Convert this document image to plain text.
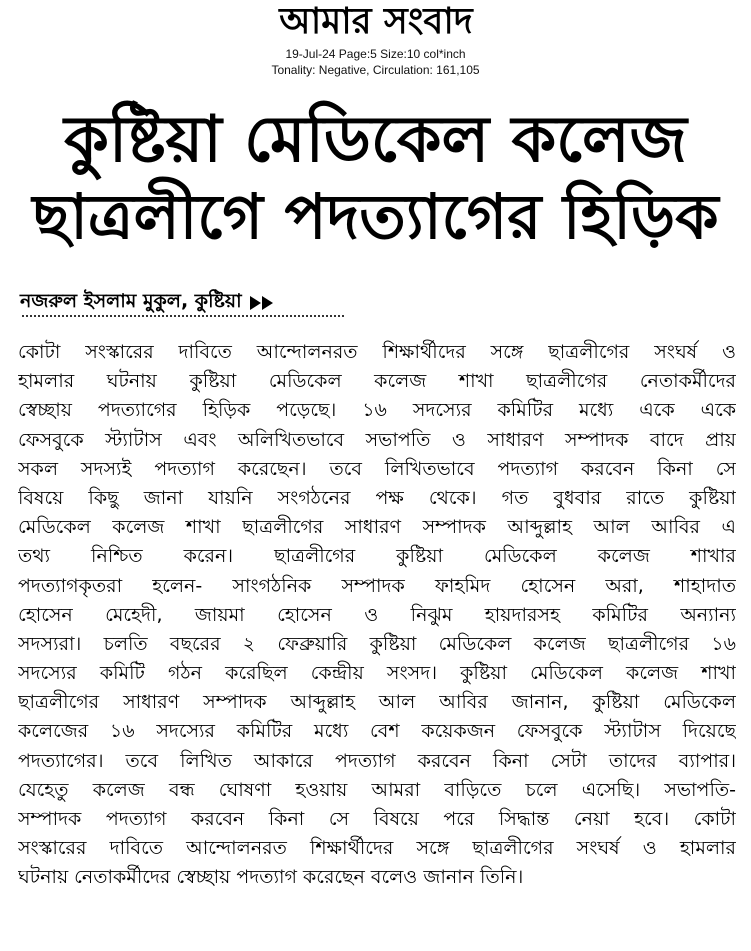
আমার সংবাদ
19-Jul-24 Page:5 Size:10 col*inch
Tonality: Negative, Circulation: 161,105
কুষ্টিয়া মেডিকেল কলেজ
ছাত্রলীগে পদত্যাগের হিড়িক
নজরুল ইসলাম মুকুল, কুষ্টিয়া
কোটা সংস্কারের দাবিতে আন্দোলনরত শিক্ষার্থীদের সঙ্গে ছাত্রলীগের সংঘর্ষ ও
হামলার ঘটনায় কুষ্টিয়া মেডিকেল কলেজ শাখা ছাত্রলীগের নেতাকর্মীদের
স্বেচ্ছায় পদত্যাগের হিড়িক পড়েছে। ১৬ সদস্যের কমিটির মধ্যে একে একে
ফেসবুকে স্ট্যাটাস এবং অলিখিতভাবে সভাপতি ও সাধারণ সম্পাদক বাদে প্রায়
সকল সদস্যই পদত্যাগ করেছেন। তবে লিখিতভাবে পদত্যাগ করবেন কিনা সে
বিষয়ে কিছু জানা যায়নি সংগঠনের পক্ষ থেকে। গত বুধবার রাতে কুষ্টিয়া
মেডিকেল কলেজ শাখা ছাত্রলীগের সাধারণ সম্পাদক আব্দুল্লাহ আল আবির এ
তথ্য নিশ্চিত করেন। ছাত্রলীগের কুষ্টিয়া মেডিকেল কলেজ শাখার
পদত্যাগকৃতরা হলেন- সাংগঠনিক সম্পাদক ফাহমিদ হোসেন অরা, শাহাদাত
হোসেন মেহেদী, জায়মা হোসেন ও নিঝুম হায়দারসহ কমিটির অন্যান্য
সদস্যরা। চলতি বছরের ২ ফেব্রুয়ারি কুষ্টিয়া মেডিকেল কলেজ ছাত্রলীগের ১৬
সদস্যের কমিটি গঠন করেছিল কেন্দ্রীয় সংসদ। কুষ্টিয়া মেডিকেল কলেজ শাখা
ছাত্রলীগের সাধারণ সম্পাদক আব্দুল্লাহ আল আবির জানান, কুষ্টিয়া মেডিকেল
কলেজের ১৬ সদস্যের কমিটির মধ্যে বেশ কয়েকজন ফেসবুকে স্ট্যাটাস দিয়েছে
পদত্যাগের। তবে লিখিত আকারে পদত্যাগ করবেন কিনা সেটা তাদের ব্যাপার।
যেহেতু কলেজ বন্ধ ঘোষণা হওয়ায় আমরা বাড়িতে চলে এসেছি। সভাপতি-
সম্পাদক পদত্যাগ করবেন কিনা সে বিষয়ে পরে সিদ্ধান্ত নেয়া হবে। কোটা
সংস্কারের দাবিতে আন্দোলনরত শিক্ষার্থীদের সঙ্গে ছাত্রলীগের সংঘর্ষ ও হামলার
ঘটনায় নেতাকর্মীদের স্বেচ্ছায় পদত্যাগ করেছেন বলেও জানান তিনি।
